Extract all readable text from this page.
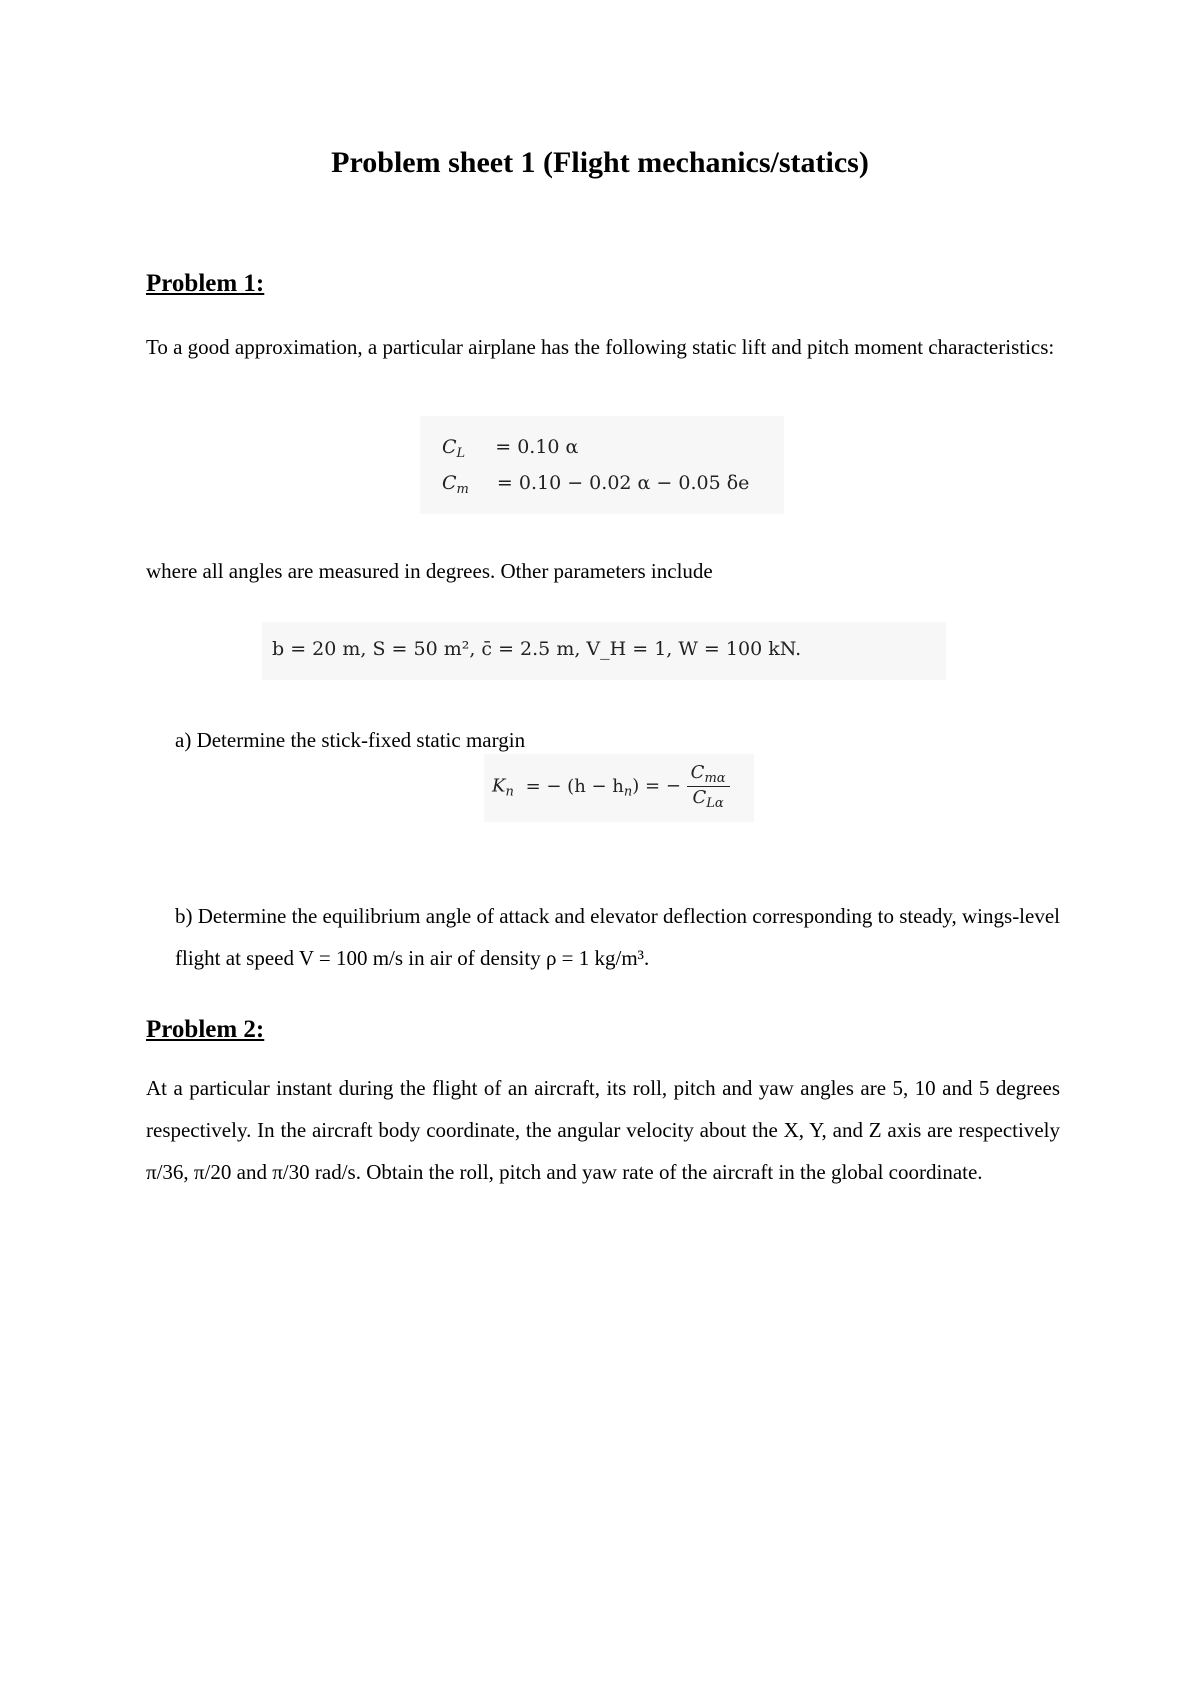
Problem sheet 1 (Flight mechanics/statics)
Problem 1:
To a good approximation, a particular airplane has the following static lift and pitch moment characteristics:
$C_L = 0.10$ α
$C_m = 0.10 - 0.02$ α − 0.05 δe
where all angles are measured in degrees. Other parameters include
b = 20 m, S = 50 m², c̄ = 2.5 m, V_H = 1, W = 100 kN.
a) Determine the stick-fixed static margin
$K_n$ = − $(h - h_n)$ = − $\frac{C_{m\alpha}}{C_{L\alpha}}$
b) Determine the equilibrium angle of attack and elevator deflection corresponding to steady, wings-level flight at speed V = 100 m/s in air of density ρ = 1 kg/m³.
Problem 2:
At a particular instant during the flight of an aircraft, its roll, pitch and yaw angles are 5, 10 and 5 degrees respectively. In the aircraft body coordinate, the angular velocity about the X, Y, and Z axis are respectively π/36, π/20 and π/30 rad/s. Obtain the roll, pitch and yaw rate of the aircraft in the global coordinate.
